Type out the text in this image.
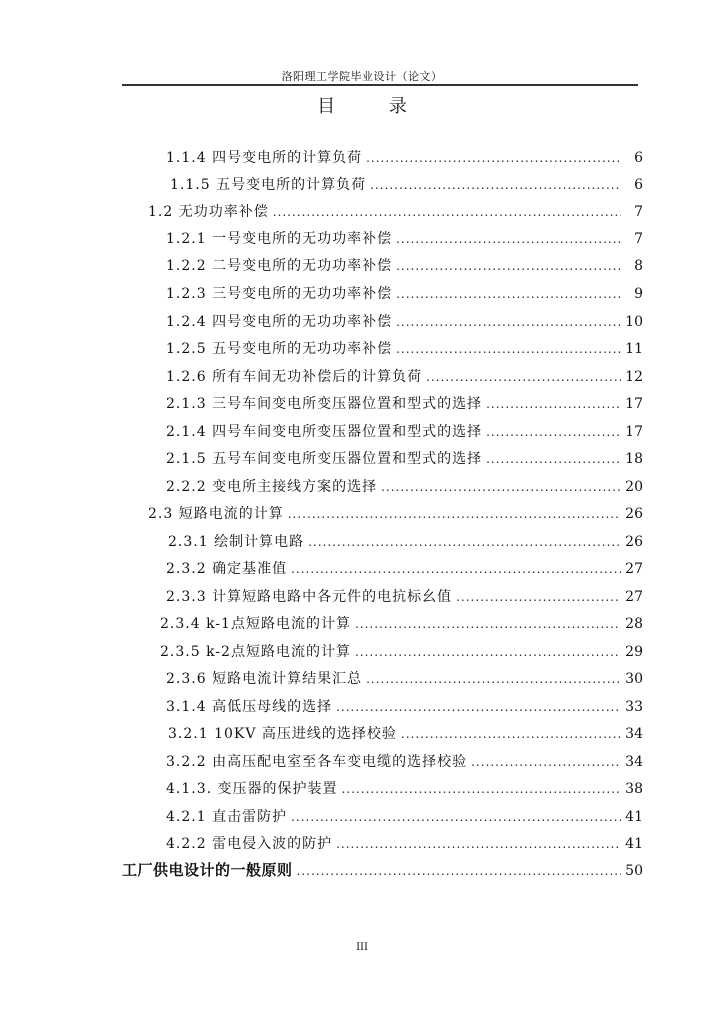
洛阳理工学院毕业设计（论文）
目 录
1.1.4 四号变电所的计算负荷 .....	6
1.1.5 五号变电所的计算负荷 .....	6
1.2 无功功率补偿 .....	7
1.2.1 一号变电所的无功功率补偿 .....	7
1.2.2 二号变电所的无功功率补偿 .....	8
1.2.3 三号变电所的无功功率补偿 .....	9
1.2.4 四号变电所的无功功率补偿 .....	10
1.2.5 五号变电所的无功功率补偿 .....	11
1.2.6 所有车间无功补偿后的计算负荷 .....	12
2.1.3 三号车间变电所变压器位置和型式的选择 .....	17
2.1.4 四号车间变电所变压器位置和型式的选择 .....	17
2.1.5 五号车间变电所变压器位置和型式的选择 .....	18
2.2.2 变电所主接线方案的选择 .....	20
2.3 短路电流的计算 .....	26
2.3.1 绘制计算电路 .....	26
2.3.2 确定基准值 .....	27
2.3.3 计算短路电路中各元件的电抗标幺值 .....	27
2.3.4 k-1点短路电流的计算 .....	28
2.3.5 k-2点短路电流的计算 .....	29
2.3.6 短路电流计算结果汇总 .....	30
3.1.4 高低压母线的选择 .....	33
3.2.1 10KV 高压进线的选择校验 .....	34
3.2.2 由高压配电室至各车变电缆的选择校验 .....	34
4.1.3. 变压器的保护装置 .....	38
4.2.1 直击雷防护 .....	41
4.2.2 雷电侵入波的防护 .....	41
工厂供电设计的一般原则 .....	50
III
